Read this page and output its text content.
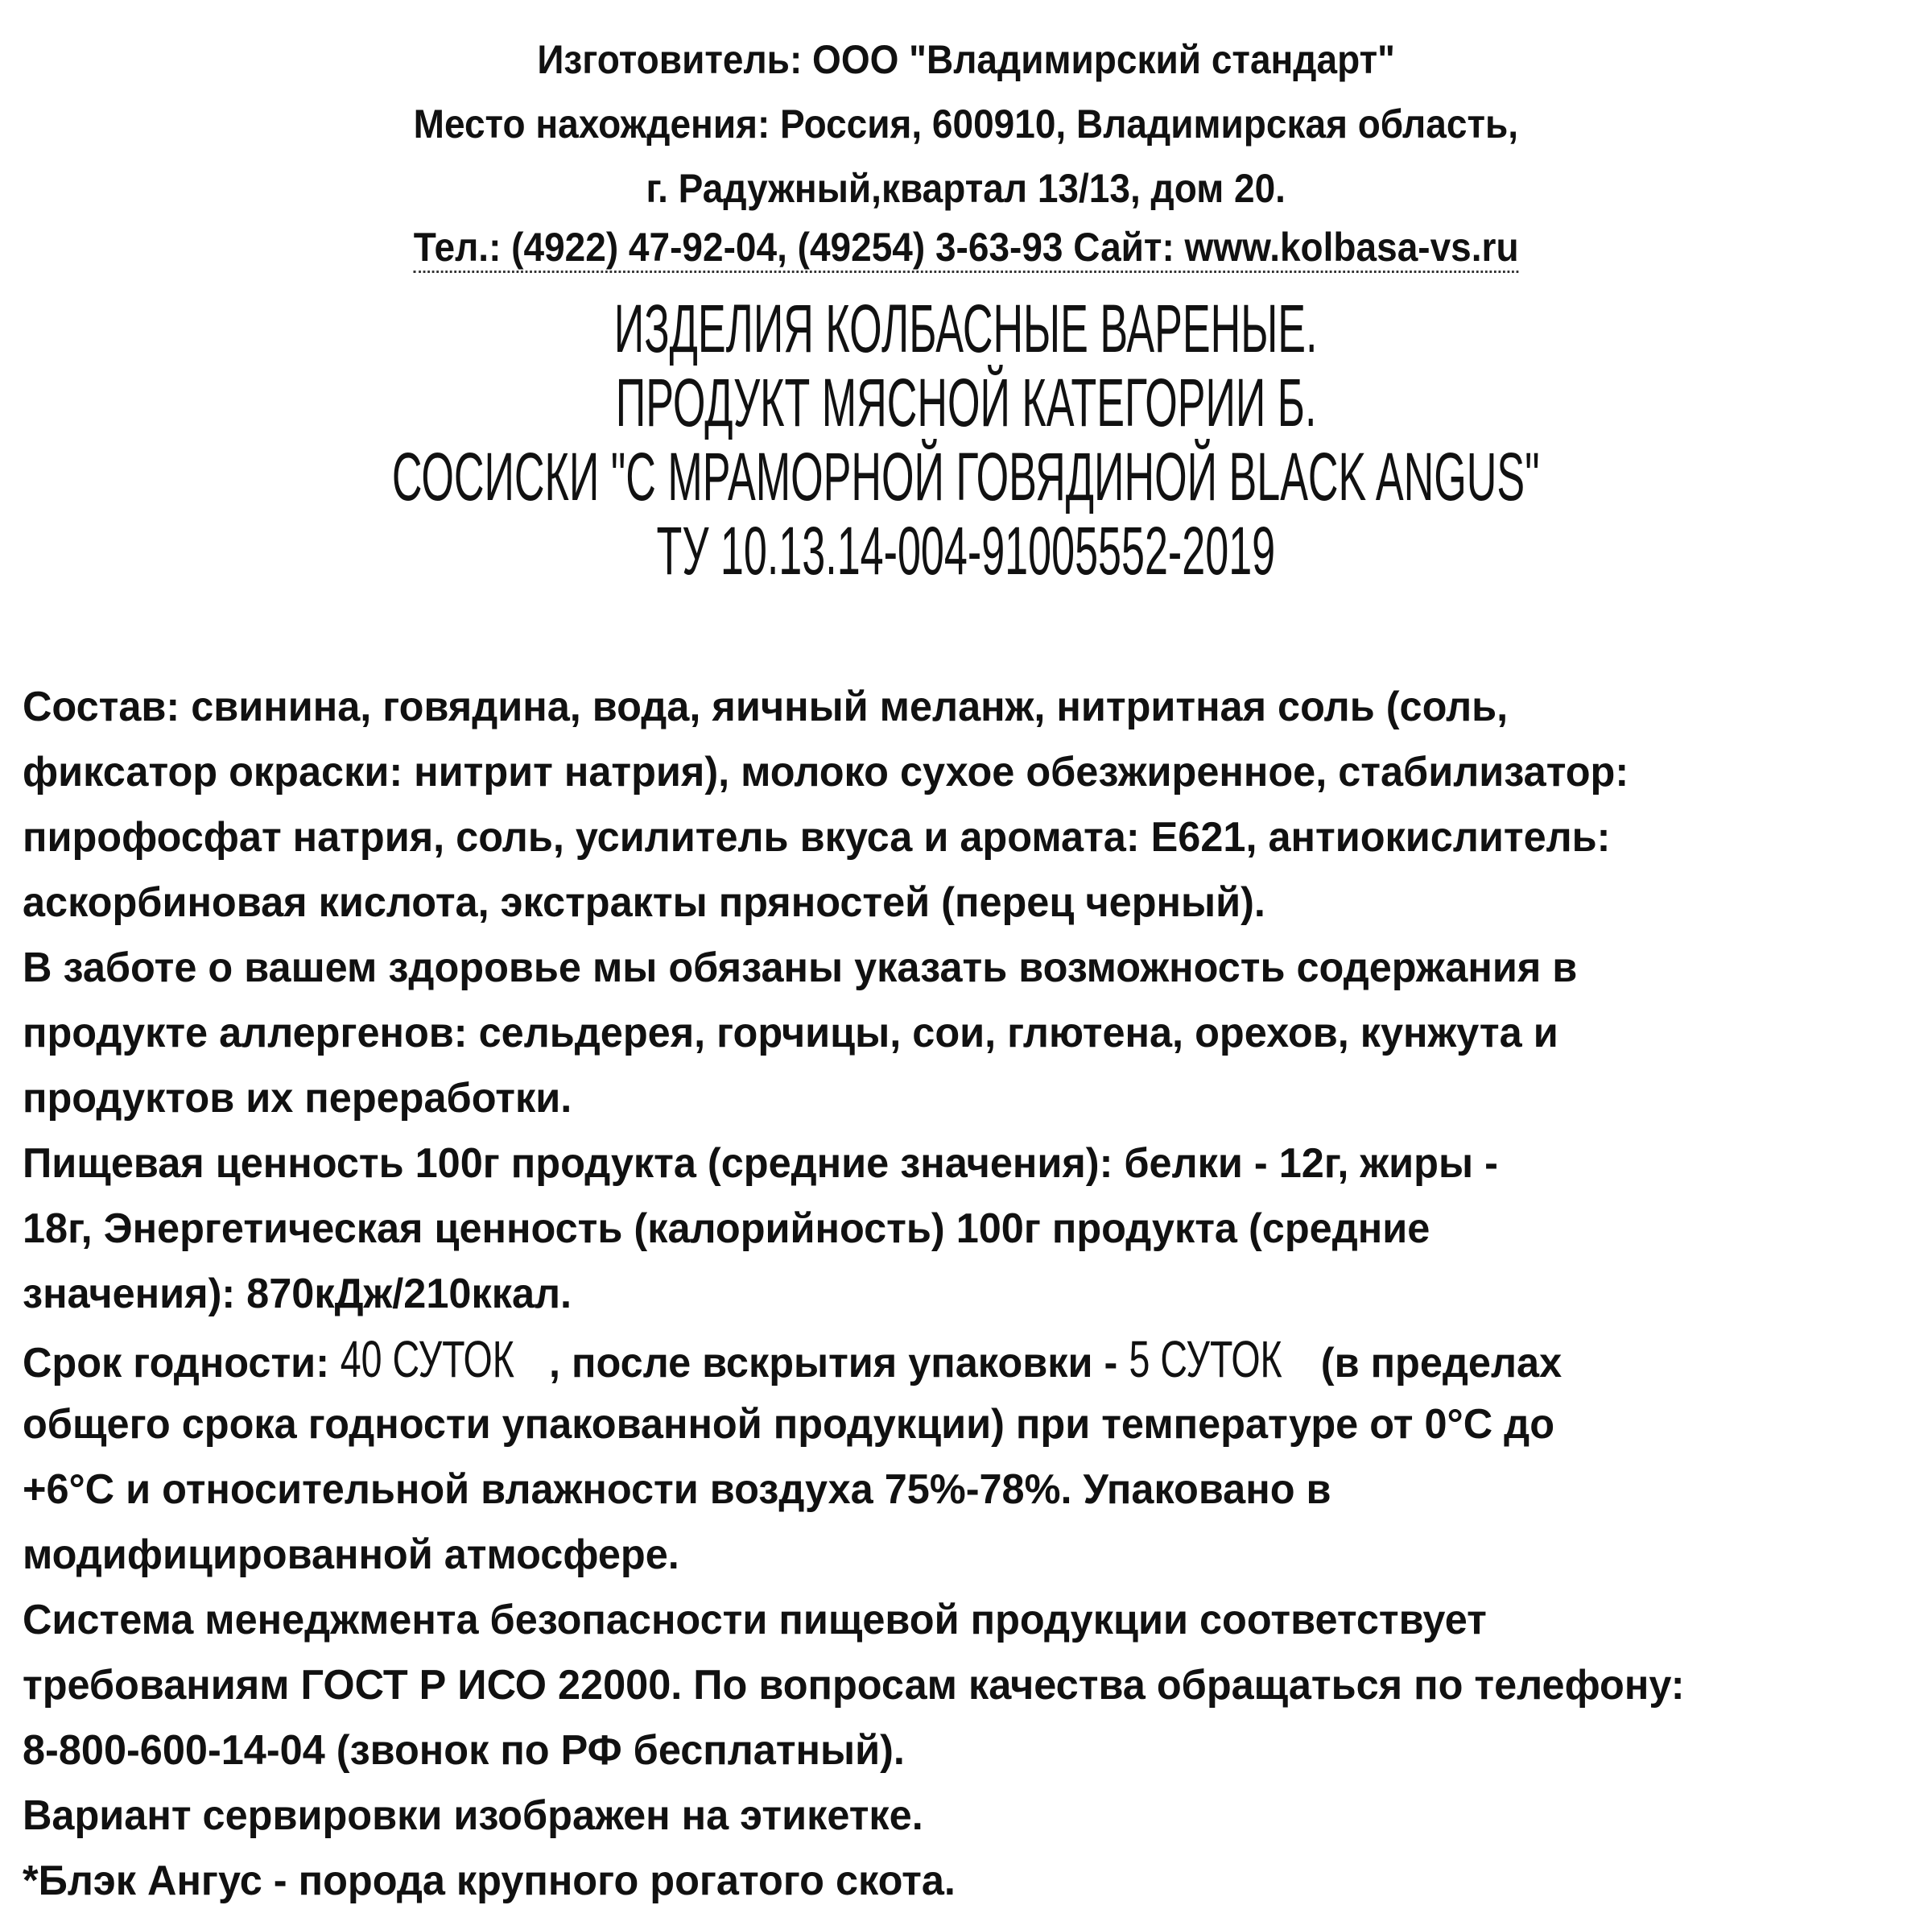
Изготовитель: ООО "Владимирский стандарт"
Место нахождения: Россия, 600910, Владимирская область,
г. Радужный,квартал 13/13, дом 20.
Тел.: (4922) 47-92-04, (49254) 3-63-93 Сайт: www.kolbasa-vs.ru
ИЗДЕЛИЯ КОЛБАСНЫЕ ВАРЕНЫЕ.
ПРОДУКТ МЯСНОЙ КАТЕГОРИИ Б.
СОСИСКИ "С МРАМОРНОЙ ГОВЯДИНОЙ BLACK ANGUS"
ТУ 10.13.14-004-91005552-2019
Состав: свинина, говядина, вода, яичный меланж, нитритная соль (соль,
фиксатор окраски: нитрит натрия), молоко сухое обезжиренное, стабилизатор:
пирофосфат натрия, соль, усилитель вкуса и аромата: Е621, антиокислитель:
аскорбиновая кислота, экстракты пряностей (перец черный).
В заботе о вашем здоровье мы обязаны указать возможность содержания в
продукте аллергенов: сельдерея, горчицы, сои, глютена, орехов, кунжута и
продуктов их переработки.
Пищевая ценность 100г продукта (средние значения): белки - 12г, жиры -
18г, Энергетическая ценность (калорийность) 100г продукта (средние
значения): 870кДж/210ккал.
Срок годности: 40 СУТОК , после вскрытия упаковки - 5 СУТОК (в пределах
общего срока годности упакованной продукции) при температуре от 0°С до
+6°С и относительной влажности воздуха 75%-78%. Упаковано в
модифицированной атмосфере.
Система менеджмента безопасности пищевой продукции соответствует
требованиям ГОСТ Р ИСО 22000. По вопросам качества обращаться по телефону:
8-800-600-14-04 (звонок по РФ бесплатный).
Вариант сервировки изображен на этикетке.
*Блэк Ангус - порода крупного рогатого скота.
